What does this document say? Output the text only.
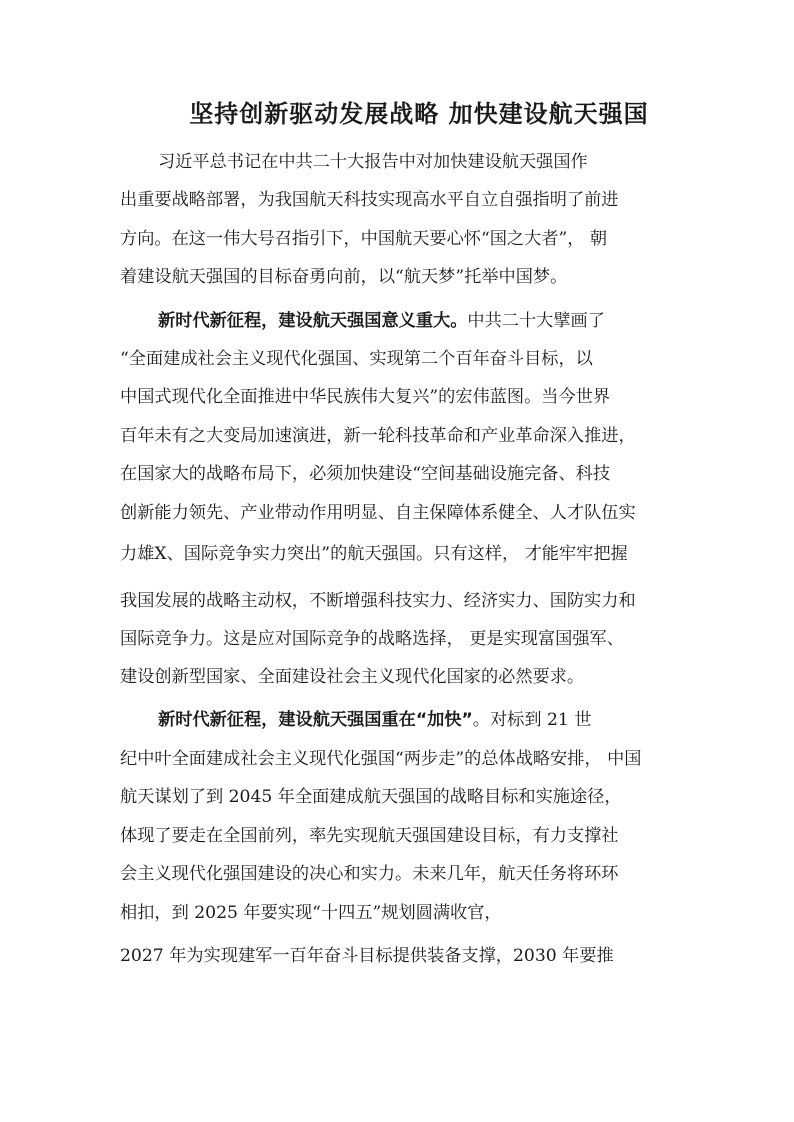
坚持创新驱动发展战略 加快建设航天强国
习近平总书记在中共二十大报告中对加快建设航天强国作
出重要战略部署，为我国航天科技实现高水平自立自强指明了前进
方向。在这一伟大号召指引下，中国航天要心怀“国之大者”， 朝
着建设航天强国的目标奋勇向前，以“航天梦”托举中国梦。
新时代新征程，建设航天强国意义重大。中共二十大擘画了
“全面建成社会主义现代化强国、实现第二个百年奋斗目标，以
中国式现代化全面推进中华民族伟大复兴”的宏伟蓝图。当今世界
百年未有之大变局加速演进，新一轮科技革命和产业革命深入推进，
在国家大的战略布局下，必须加快建设“空间基础设施完备、科技
创新能力领先、产业带动作用明显、自主保障体系健全、人才队伍实
力雄X、国际竞争实力突出”的航天强国。只有这样， 才能牢牢把握
我国发展的战略主动权，不断增强科技实力、经济实力、国防实力和
国际竞争力。这是应对国际竞争的战略选择， 更是实现富国强军、
建设创新型国家、全面建设社会主义现代化国家的必然要求。
新时代新征程，建设航天强国重在“加快”。对标到 21 世
纪中叶全面建成社会主义现代化强国“两步走”的总体战略安排， 中国
航天谋划了到 2045 年全面建成航天强国的战略目标和实施途径，
体现了要走在全国前列，率先实现航天强国建设目标，有力支撑社
会主义现代化强国建设的决心和实力。未来几年，航天任务将环环
相扣，到 2025 年要实现“十四五”规划圆满收官，
2027 年为实现建军一百年奋斗目标提供装备支撑，2030 年要推
